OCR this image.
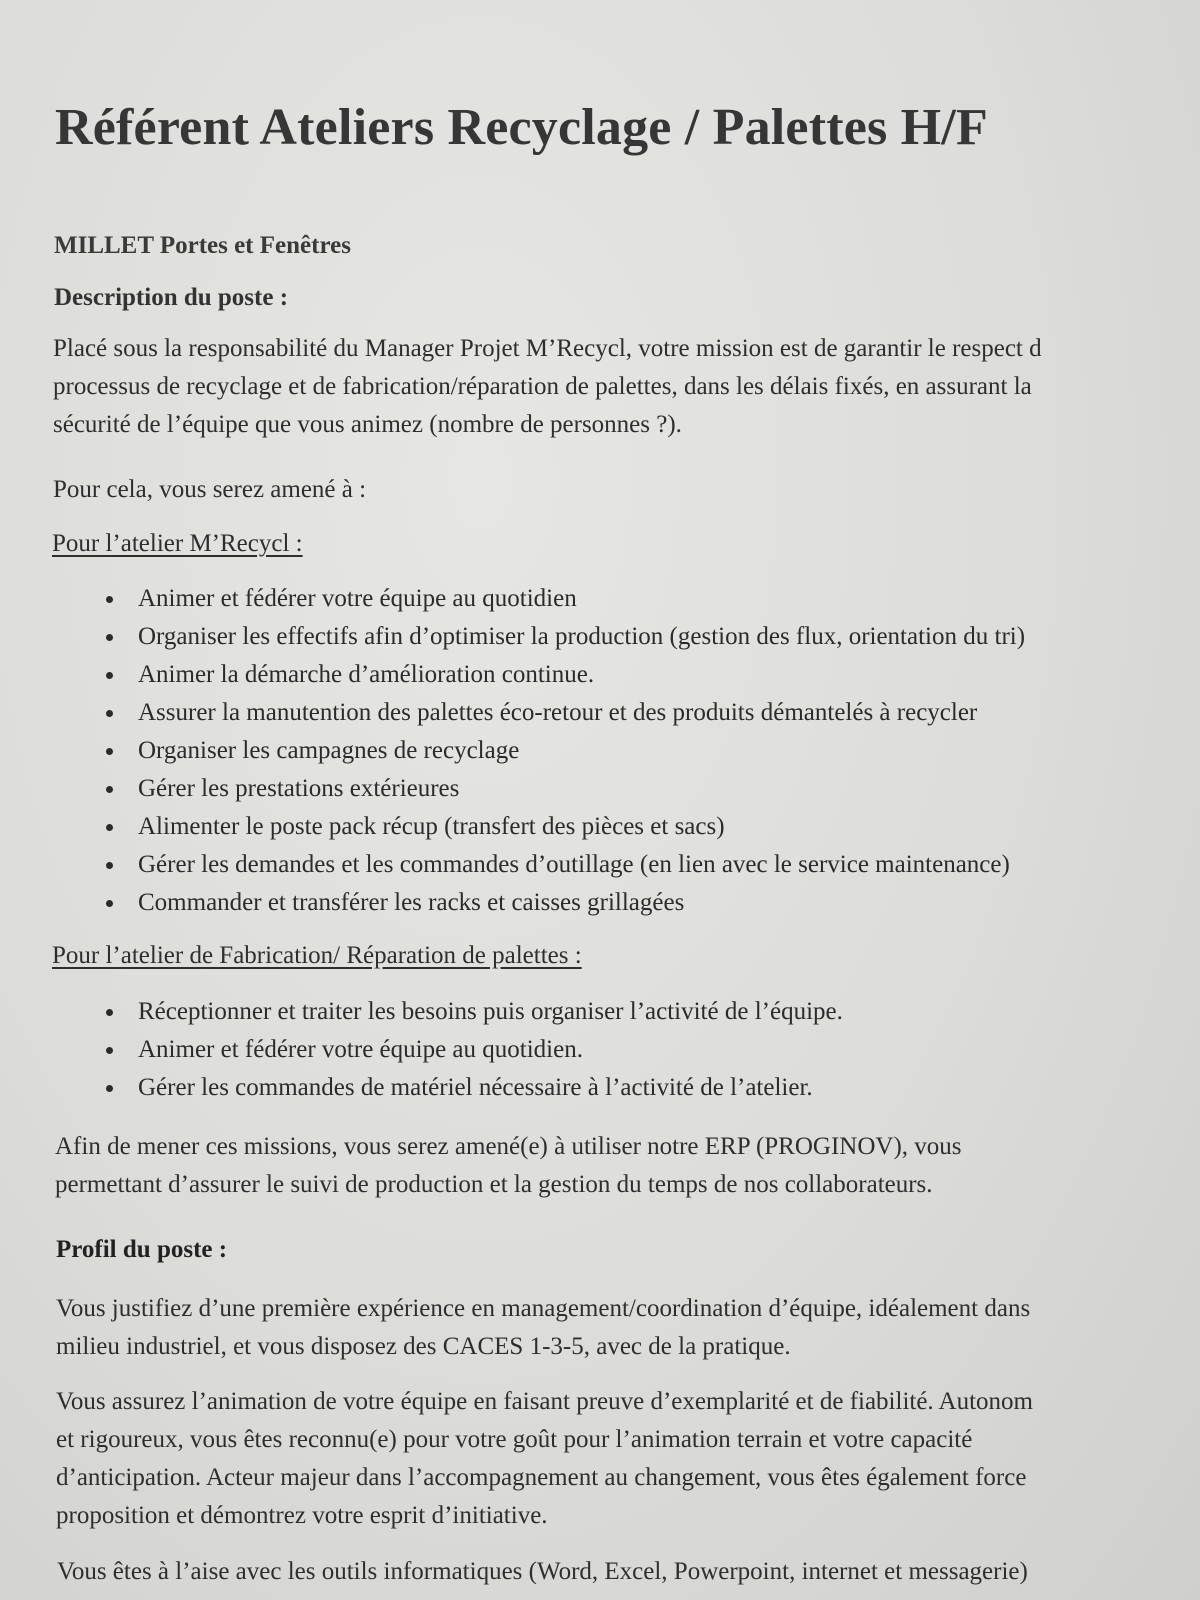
Référent Ateliers Recyclage / Palettes H/F

MILLET Portes et Fenêtres

Description du poste :

Placé sous la responsabilité du Manager Projet M’Recycl, votre mission est de garantir le respect d
processus de recyclage et de fabrication/réparation de palettes, dans les délais fixés, en assurant la
sécurité de l’équipe que vous animez (nombre de personnes ?).

Pour cela, vous serez amené à :

Pour l’atelier M’Recycl :

Animer et fédérer votre équipe au quotidien
Organiser les effectifs afin d’optimiser la production (gestion des flux, orientation du tri)
Animer la démarche d’amélioration continue.
Assurer la manutention des palettes éco-retour et des produits démantelés à recycler
Organiser les campagnes de recyclage
Gérer les prestations extérieures
Alimenter le poste pack récup (transfert des pièces et sacs)
Gérer les demandes et les commandes d’outillage (en lien avec le service maintenance)
Commander et transférer les racks et caisses grillagées

Pour l’atelier de Fabrication/ Réparation de palettes :

Réceptionner et traiter les besoins puis organiser l’activité de l’équipe.
Animer et fédérer votre équipe au quotidien.
Gérer les commandes de matériel nécessaire à l’activité de l’atelier.
Afin de mener ces missions, vous serez amené(e) à utiliser notre ERP (PROGINOV), vous
permettant d’assurer le suivi de production et la gestion du temps de nos collaborateurs.

Profil du poste :

Vous justifiez d’une première expérience en management/coordination d’équipe, idéalement dans
milieu industriel, et vous disposez des CACES 1-3-5, avec de la pratique.
Vous assurez l’animation de votre équipe en faisant preuve d’exemplarité et de fiabilité. Autonom
et rigoureux, vous êtes reconnu(e) pour votre goût pour l’animation terrain et votre capacité
d’anticipation. Acteur majeur dans l’accompagnement au changement, vous êtes également force
proposition et démontrez votre esprit d’initiative.
Vous êtes à l’aise avec les outils informatiques (Word, Excel, Powerpoint, internet et messagerie)
